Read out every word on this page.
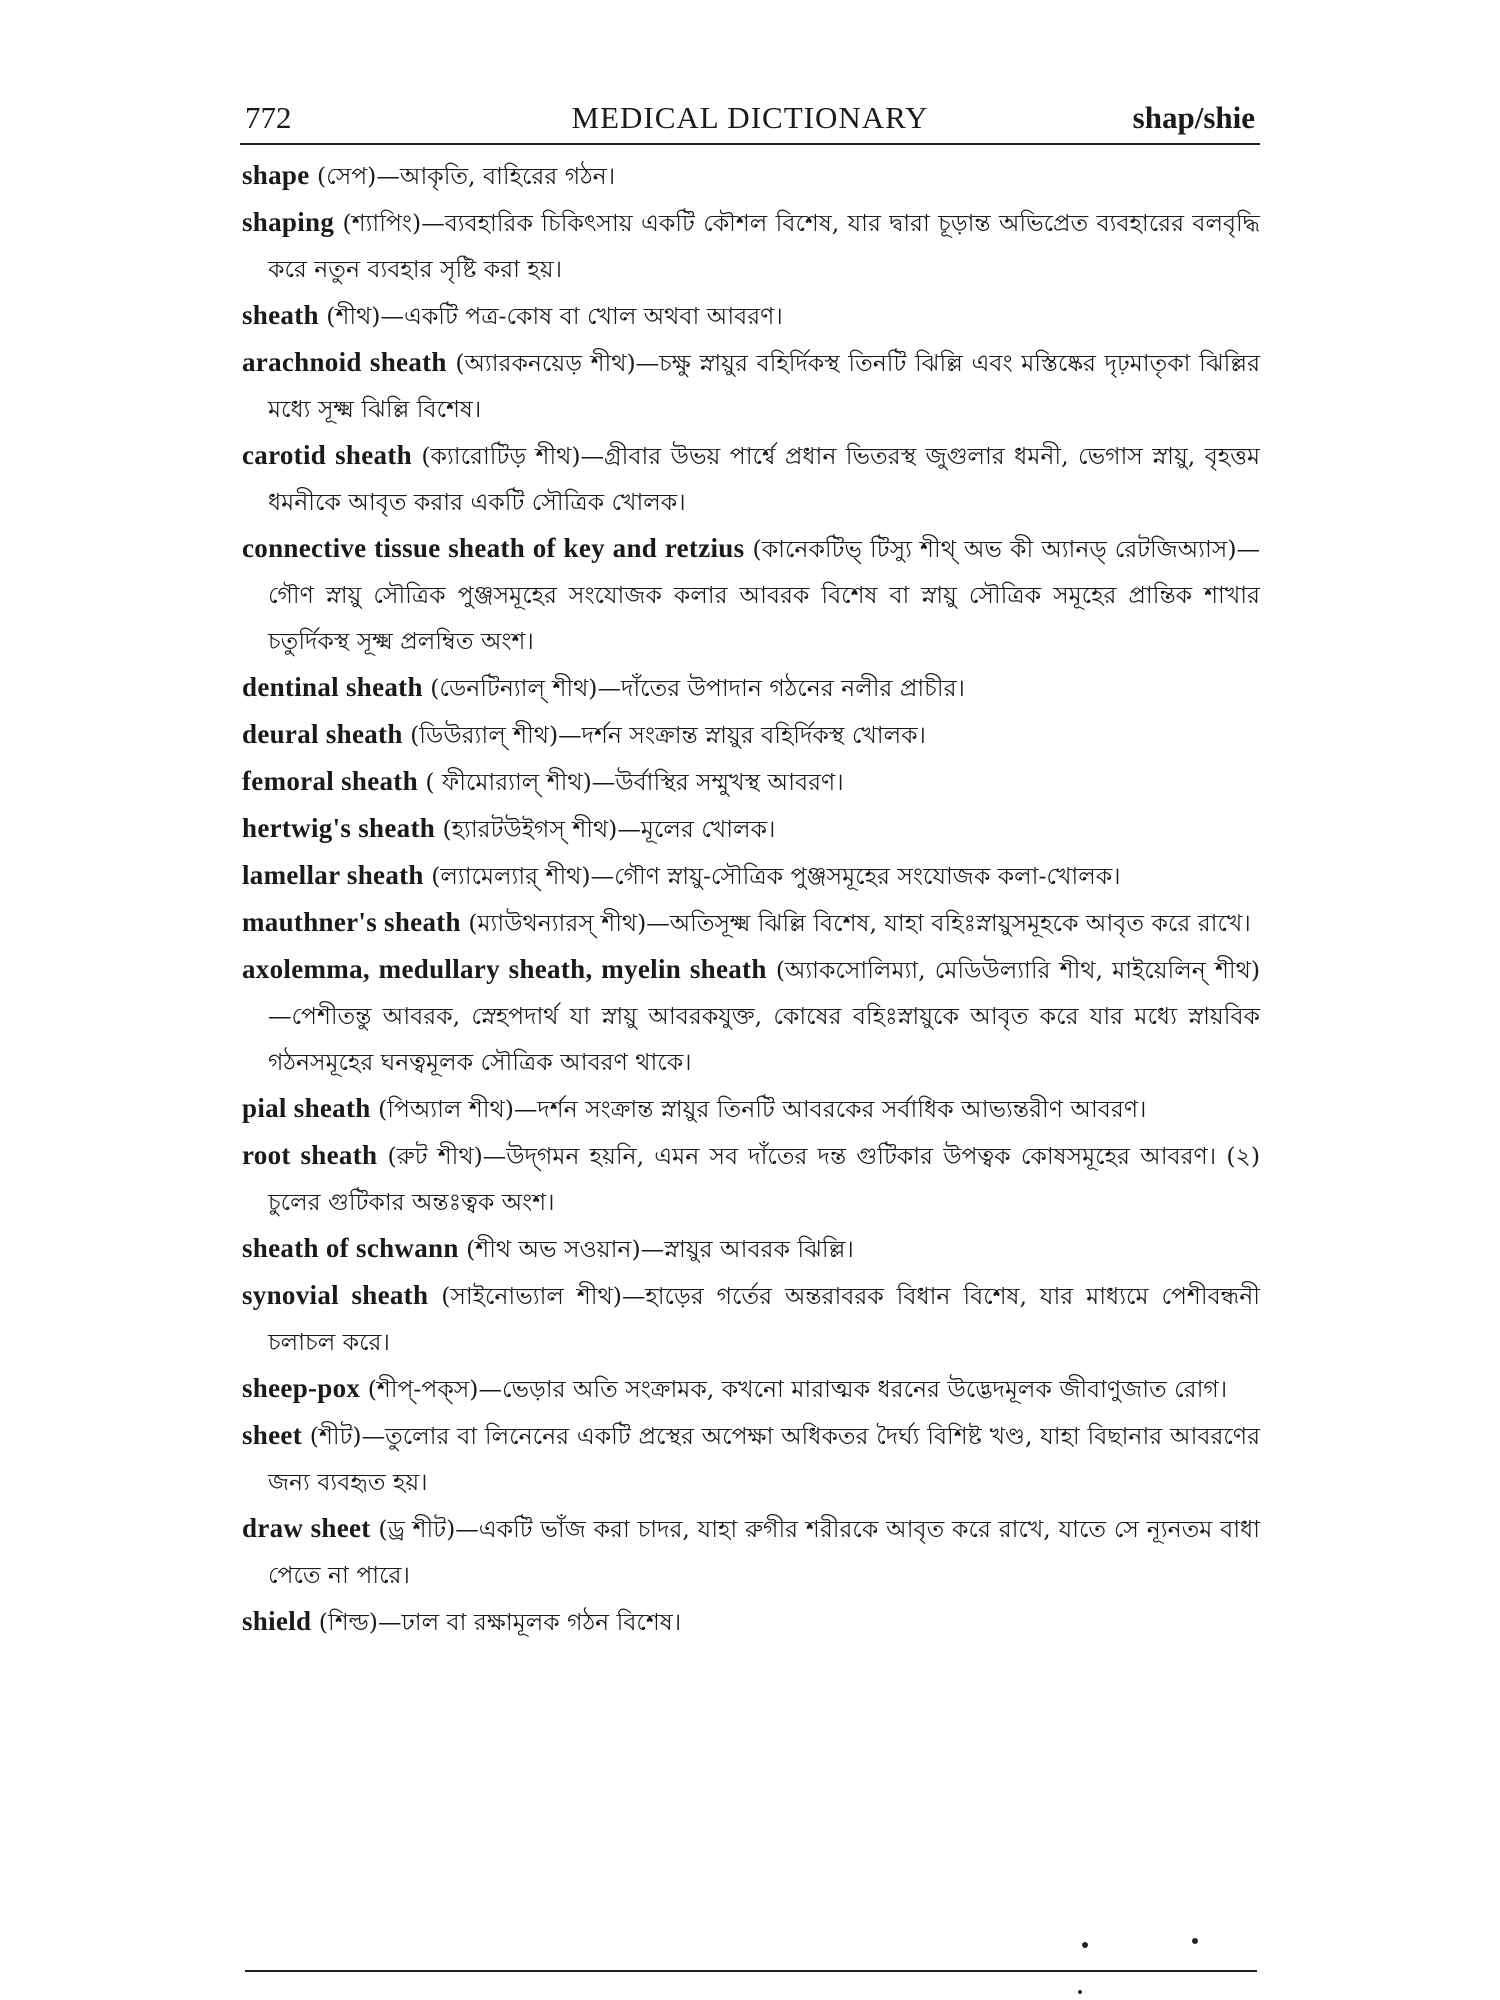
772	MEDICAL DICTIONARY	shap/shie

shape (সেপ)—আকৃতি, বাহিরের গঠন।

shaping (শ্যাপিং)—ব্যবহারিক চিকিৎসায় একটি কৌশল বিশেষ, যার দ্বারা চূড়ান্ত অভিপ্রেত ব্যবহারের বলবৃদ্ধি করে নতুন ব্যবহার সৃষ্টি করা হয়।

sheath (শীথ)—একটি পত্র-কোষ বা খোল অথবা আবরণ।

arachnoid sheath (অ্যারকনয়েড় শীথ)—চক্ষু স্নায়ুর বহির্দিকস্থ তিনটি ঝিল্লি এবং মস্তিষ্কের দৃঢ়মাতৃকা ঝিল্লির মধ্যে সূক্ষ্ম ঝিল্লি বিশেষ।

carotid sheath (ক্যারোটিড় শীথ)—গ্রীবার উভয় পার্শ্বে প্রধান ভিতরস্থ জুগুলার ধমনী, ভেগাস স্নায়ু, বৃহত্তম ধমনীকে আবৃত করার একটি সৌত্রিক খোলক।

connective tissue sheath of key and retzius (কানেকটিভ্‌ টিস্যু শীথ্‌ অভ কী অ্যানড্‌ রেটজিঅ্যাস)—গৌণ স্নায়ু সৌত্রিক পুঞ্জসমূহের সংযোজক কলার আবরক বিশেষ বা স্নায়ু সৌত্রিক সমূহের প্রান্তিক শাখার চতুর্দিকস্থ সূক্ষ্ম প্রলম্বিত অংশ।

dentinal sheath (ডেনটিন্যাল্‌ শীথ)—দাঁতের উপাদান গঠনের নলীর প্রাচীর।

deural sheath (ডিউর‍্যাল্‌ শীথ)—দর্শন সংক্রান্ত স্নায়ুর বহির্দিকস্থ খোলক।

femoral sheath ( ফীমোর‍্যাল্‌ শীথ)—উর্বাস্থির সম্মুখস্থ আবরণ।

hertwig's sheath (হ্যারটউইগস্‌ শীথ)—মূলের খোলক।

lamellar sheath (ল্যামেল্যার্‌ শীথ)—গৌণ স্নায়ু-সৌত্রিক পুঞ্জসমূহের সংযোজক কলা-খোলক।

mauthner's sheath (ম্যাউথন্যারস্‌ শীথ)—অতিসূক্ষ্ম ঝিল্লি বিশেষ, যাহা বহিঃস্নায়ুসমূহকে আবৃত করে রাখে।

axolemma, medullary sheath, myelin sheath (অ্যাকসোলিম্যা, মেডিউল্যারি শীথ, মাইয়েলিন্‌ শীথ)—পেশীতন্তু আবরক, স্নেহপদার্থ যা স্নায়ু আবরকযুক্ত, কোষের বহিঃস্নায়ুকে আবৃত করে যার মধ্যে স্নায়বিক গঠনসমূহের ঘনত্বমূলক সৌত্রিক আবরণ থাকে।

pial sheath (পিঅ্যাল শীথ)—দর্শন সংক্রান্ত স্নায়ুর তিনটি আবরকের সর্বাধিক আভ্যন্তরীণ আবরণ।

root sheath (রুট শীথ)—উদ্‌গমন হয়নি, এমন সব দাঁতের দন্ত গুটিকার উপত্বক কোষসমূহের আবরণ। (২) চুলের গুটিকার অন্তঃত্বক অংশ।

sheath of schwann (শীথ অভ সওয়ান)—স্নায়ুর আবরক ঝিল্লি।

synovial sheath (সাইনোভ্যাল শীথ)—হাড়ের গর্তের অন্তরাবরক বিধান বিশেষ, যার মাধ্যমে পেশীবন্ধনী চলাচল করে।

sheep-pox (শীপ্‌-পক্‌স)—ভেড়ার অতি সংক্রামক, কখনো মারাত্মক ধরনের উদ্ভেদমূলক জীবাণুজাত রোগ।

sheet (শীট)—তুলোর বা লিনেনের একটি প্রস্থের অপেক্ষা অধিকতর দৈর্ঘ্য বিশিষ্ট খণ্ড, যাহা বিছানার আবরণের জন্য ব্যবহৃত হয়।

draw sheet (ড্র শীট)—একটি ভাঁজ করা চাদর, যাহা রুগীর শরীরকে আবৃত করে রাখে, যাতে সে ন্যূনতম বাধা পেতে না পারে।

shield (শিল্ড)—ঢাল বা রক্ষামূলক গঠন বিশেষ।
